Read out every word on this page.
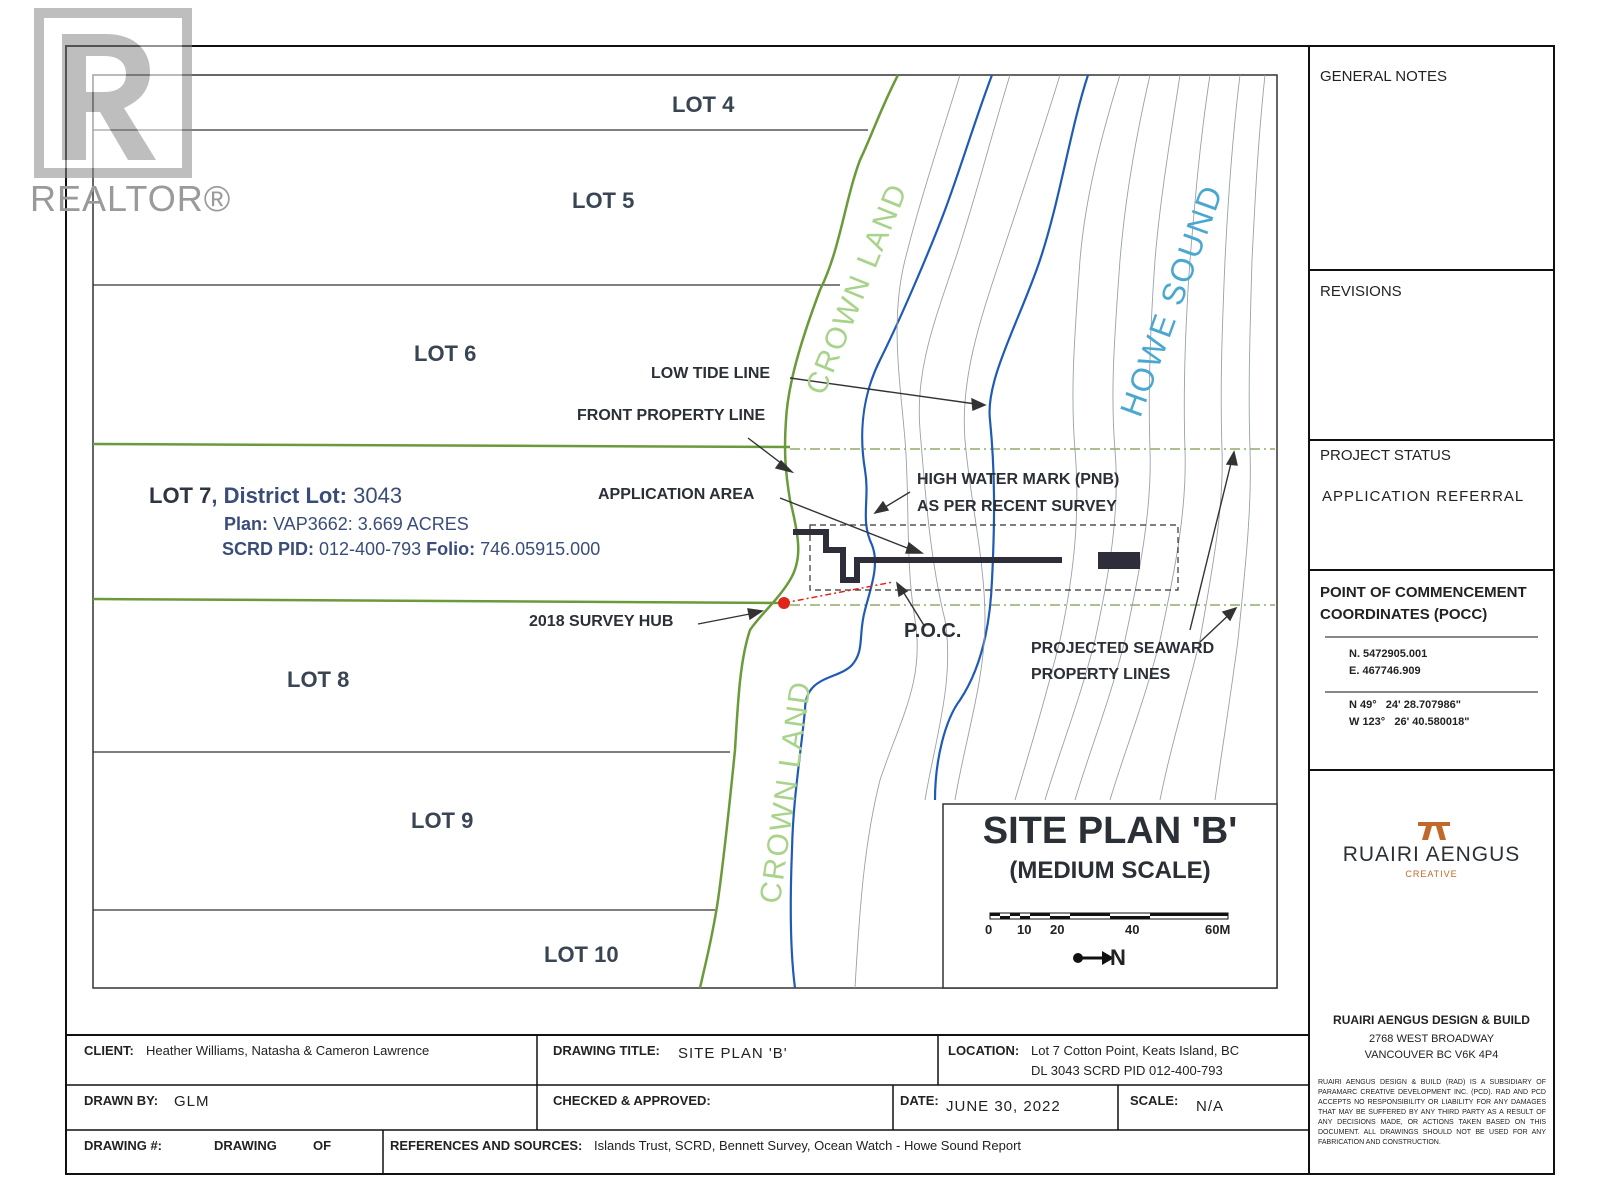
REALTOR®
LOT 4
LOT 5
LOT 6
LOT 8
LOT 9
LOT 10
LOT 7, District Lot: 3043
Plan: VAP3662: 3.669 ACRES
SCRD PID: 012-400-793 Folio: 746.05915.000
CROWN LAND
CROWN LAND
HOWE SOUND
LOW TIDE LINE
FRONT PROPERTY LINE
APPLICATION AREA
HIGH WATER MARK (PNB)
AS PER RECENT SURVEY
2018 SURVEY HUB	P.O.C.
PROJECTED SEAWARD
PROPERTY LINES
SITE PLAN 'B'
(MEDIUM SCALE)
0 10 20	40	60M
N
GENERAL NOTES
REVISIONS
PROJECT STATUS
APPLICATION REFERRAL
POINT OF COMMENCEMENT
COORDINATES (POCC)
N. 5472905.001
E. 467746.909
N 49°   24' 28.707986"
W 123°   26' 40.580018"
RUAIRI AENGUS
CREATIVE
RUAIRI AENGUS DESIGN & BUILD
2768 WEST BROADWAY
VANCOUVER BC V6K 4P4
RUAIRI AENGUS DESIGN & BUILD (RAD) IS A SUBSIDIARY OF PARAMARC CREATIVE DEVELOPMENT INC. (PCD). RAD AND PCD ACCEPTS NO RESPONSIBILITY OR LIABILITY FOR ANY DAMAGES THAT MAY BE SUFFERED BY ANY THIRD PARTY AS A RESULT OF ANY DECISIONS MADE, OR ACTIONS TAKEN BASED ON THIS DOCUMENT. ALL DRAWINGS SHOULD NOT BE USED FOR ANY FABRICATION AND CONSTRUCTION.
CLIENT: Heather Williams, Natasha & Cameron Lawrence	DRAWING TITLE: SITE PLAN 'B'	LOCATION: Lot 7 Cotton Point, Keats Island, BC
DL 3043 SCRD PID 012-400-793
DRAWN BY: GLM	CHECKED & APPROVED:	DATE: JUNE 30, 2022	SCALE: N/A
DRAWING #:	DRAWING	OF	REFERENCES AND SOURCES: Islands Trust, SCRD, Bennett Survey, Ocean Watch - Howe Sound Report
